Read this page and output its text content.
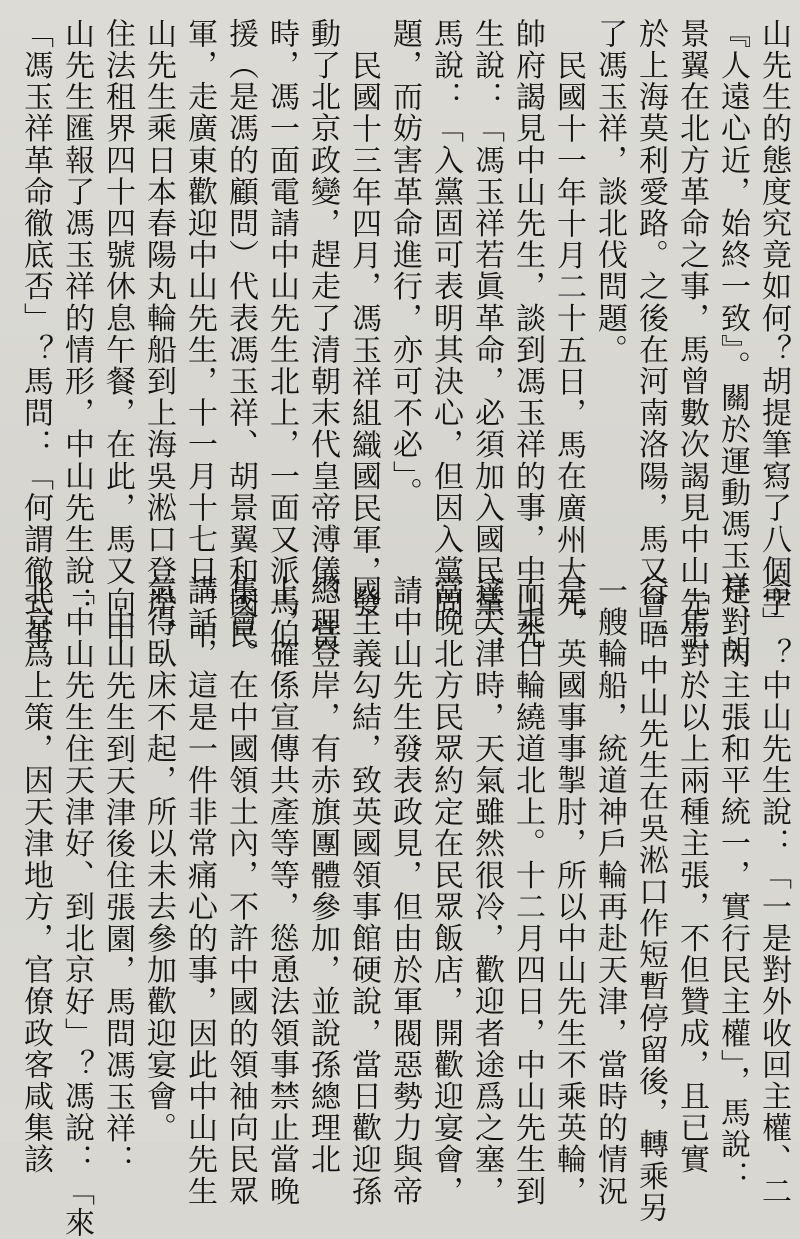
山先生的態度究竟如何？胡提筆寫了八個字
『人遠心近，始終一致』。關於運動馮玉祥、胡
景翼在北方革命之事，馬曾數次謁見中山先生
於上海莫利愛路。之後在河南洛陽，馬又會晤
了馮玉祥，談北伐問題。
民國十一年十月二十五日，馬在廣州大元
帥府謁見中山先生，談到馮玉祥的事，中山先
生說：「馮玉祥若眞革命，必須加入國民黨」，
馬說：「入黨固可表明其決心，但因入黨問
題，而妨害革命進行，亦可不必」。
民國十三年四月，馮玉祥組織國民軍，發
動了北京政變，趕走了清朝末代皇帝溥儀，當
時，馮一面電請中山先生北上，一面又派馬伯
援（是馮的顧問）代表馮玉祥、胡景翼和國民
軍，走廣東歡迎中山先生，十一月十七日，中
山先生乘日本春陽丸輪船到上海吳淞口登岸，
住法租界四十四號休息午餐，在此，馬又向中
山先生匯報了馮玉祥的情形，中山先生說：
「馮玉祥革命徹底否」？馬問：「何謂徹式革
命」？中山先生說：「一是對外收回主權、二
是對內主張和平統一，實行民主權」，馬說：
「馬對於以上兩種主張，不但贊成，且已實
行」。中山先生在吳淞口作短暫停留後，轉乘另
一艘輪船，統道神戶輪再赴天津，當時的情況
是，英國事事掣肘，所以中山先生不乘英輪，
而乘日輪繞道北上。十二月四日，中山先生到
達天津時，天氣雖然很冷，歡迎者途爲之塞，
當晚北方民眾約定在民眾飯店，開歡迎宴會，
請中山先生發表政見，但由於軍閥惡勢力與帝
國主義勾結，致英國領事館硬說，當日歡迎孫
總理登岸，有赤旗團體參加，並說孫總理北
上，確係宣傳共產等等，慫恿法領事禁止當晚
集會。在中國領土內，不許中國的領袖向民眾
講話，這是一件非常痛心的事，因此中山先生
氣得臥床不起，所以未去參加歡迎宴會。
中山先生到天津後住張園，馬問馮玉祥：
「中山先生住天津好、到北京好」？馮說：「來
北京爲上策，因天津地方，官僚政客咸集該
